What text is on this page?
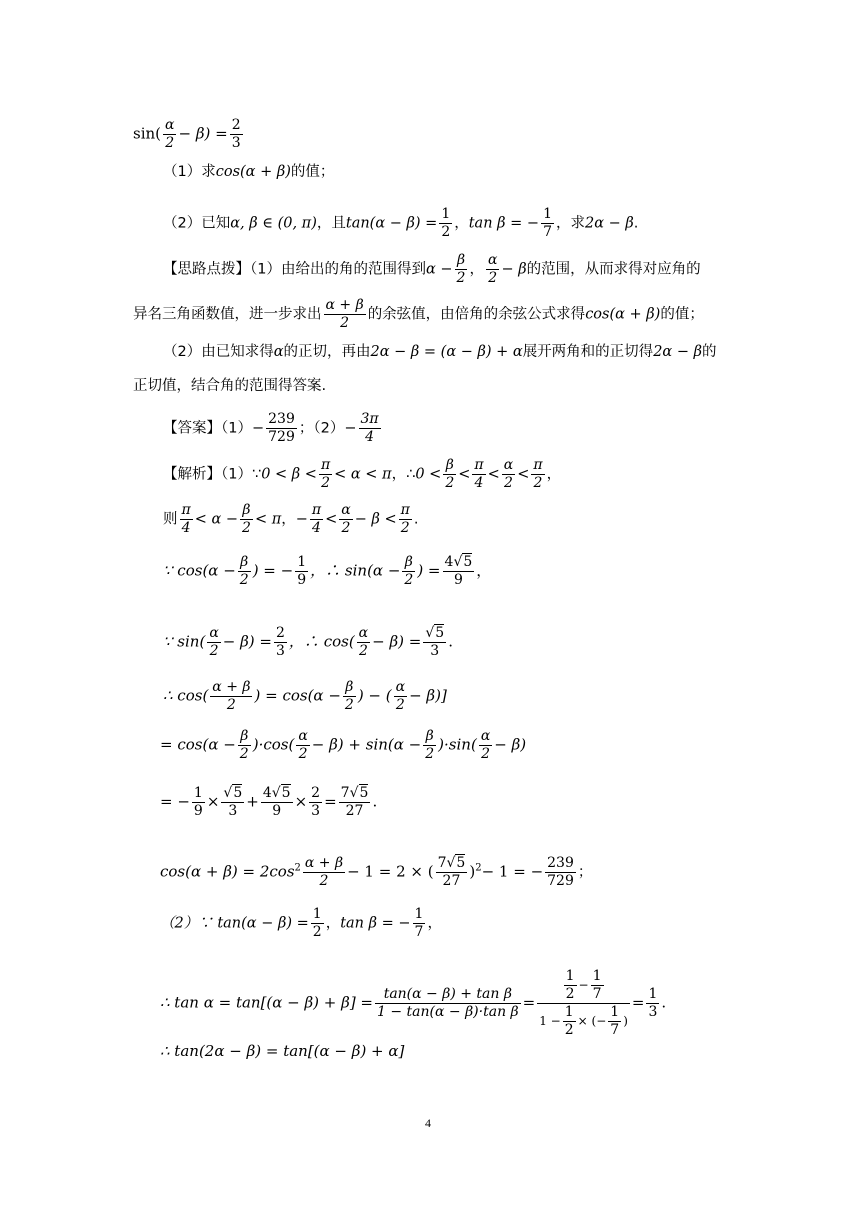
$\sin( \frac{\alpha}{2} - \beta) = \frac{2}{3}$
（1）求cos(α + β)的值；
（2）已知α, β ∈ (0, π)，且$\tan(\alpha - \beta) = \frac{1}{2}$ ，tan β = − $\frac{1}{7}$ ，求2α − β.
【思路点拨】（1）由给出的角的范围得到$\alpha - \frac{\beta}{2}$ ， $\frac{\alpha}{2} - \beta$的范围，从而求得对应角的
异名三角函数值，进一步求出 $\frac{\alpha + \beta}{2}$ 的余弦值，由倍角的余弦公式求得cos(α + β)的值；
（2）由已知求得α的正切，再由2α − β = (α − β) + α展开两角和的正切得2α − β的
正切值，结合角的范围得答案.
【答案】$(1)- \frac{239}{729}$ ；$(2)- \frac{3\pi}{4}$
【解析】（1）∵0 < $\beta < \frac{\pi}{2} < \alpha < \pi$，∴0 < $\frac{\beta}{2} < \frac{\pi}{4} < \frac{\alpha}{2} < \frac{\pi}{2}$ ，
则 $\frac{\pi}{4} < \alpha - \frac{\beta}{2} < \pi$，− $\frac{\pi}{4} < \frac{\alpha}{2} - \beta < \frac{\pi}{2}$ .
∵ $\cos(\alpha - \frac{\beta}{2}$ ) = − $\frac{1}{9}$ ，∴ $\sin(\alpha - \frac{\beta}{2}$ ) = $\frac{4√5}{9}$ ，
∵ $\sin( \frac{\alpha}{2} - \beta) = \frac{2}{3}$ ，∴ $\cos( \frac{\alpha}{2} - \beta) = \frac{√5}{3}$ .
∴ $\cos( \frac{\alpha + \beta}{2}$ ) = $\cos(\alpha - \frac{\beta}{2}$ ) − ( $\frac{\alpha}{2} - \beta$)]
= $\cos(\alpha - \frac{\beta}{2} )\cdot\cos( \frac{\alpha}{2} - \beta) + \sin(\alpha - \frac{\beta}{2} )\cdot\sin( \frac{\alpha}{2} - \beta)$
= − $\frac{1}{9} \times \frac{√5}{3} + \frac{4√5}{9} \times \frac{2}{3} = \frac{7√5}{27}$ .
$\cos(\alpha + \beta) = 2\cos^2 \frac{\alpha + \beta}{2} - 1 = 2$ × ( $\frac{7√5}{27} )^2- 1$ = − $\frac{239}{729}$ ；
（2）∵ $\tan(\alpha - \beta) = \frac{1}{2}$ ，tan β = − $\frac{1}{7}$ ，
∴ $\tan \alpha = \tan[(\alpha - \beta) + \beta] = \frac{\text{tan(α − β) + tan β}}{\text{1 − tan(α − β)·tan β}} = \frac{\frac{1}{2} - \frac{1}{7}}{1 - \frac{1}{2} \times (- \frac{1}{7} )} = \frac{1}{3}$ .
∴ tan(2α − β) = tan[(α − β) + α]
4
